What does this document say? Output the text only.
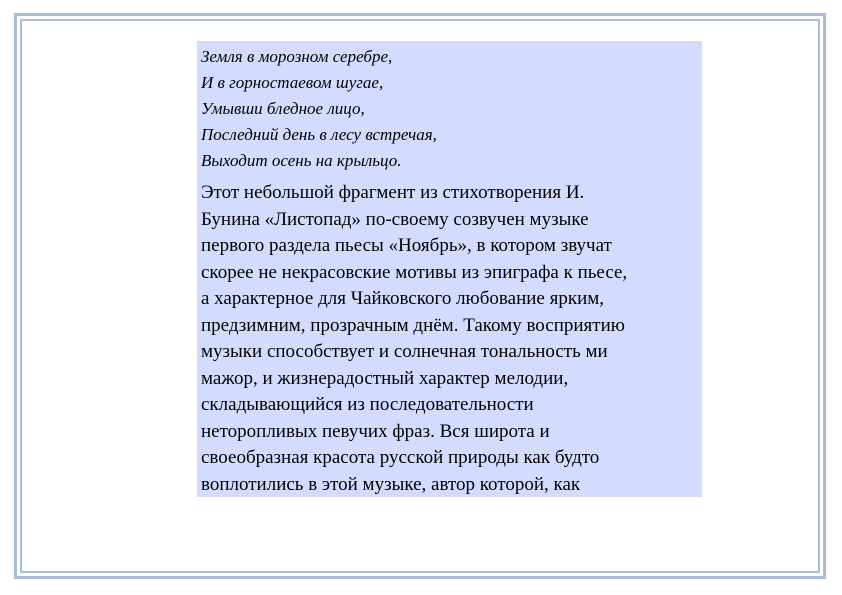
Земля в морозном серебре,
И в горностаевом шугае,
Умывши бледное лицо,
Последний день в лесу встречая,
Выходит осень на крыльцо.

Этот небольшой фрагмент из стихотворения И.
Бунина «Листопад» по-своему созвучен музыке
первого раздела пьесы «Ноябрь», в котором звучат
скорее не некрасовские мотивы из эпиграфа к пьесе,
а характерное для Чайковского любование ярким,
предзимним, прозрачным днём. Такому восприятию
музыки способствует и солнечная тональность ми
мажор, и жизнерадостный характер мелодии,
складывающийся из последовательности
неторопливых певучих фраз. Вся широта и
своеобразная красота русской природы как будто
воплотились в этой музыке, автор которой, как
